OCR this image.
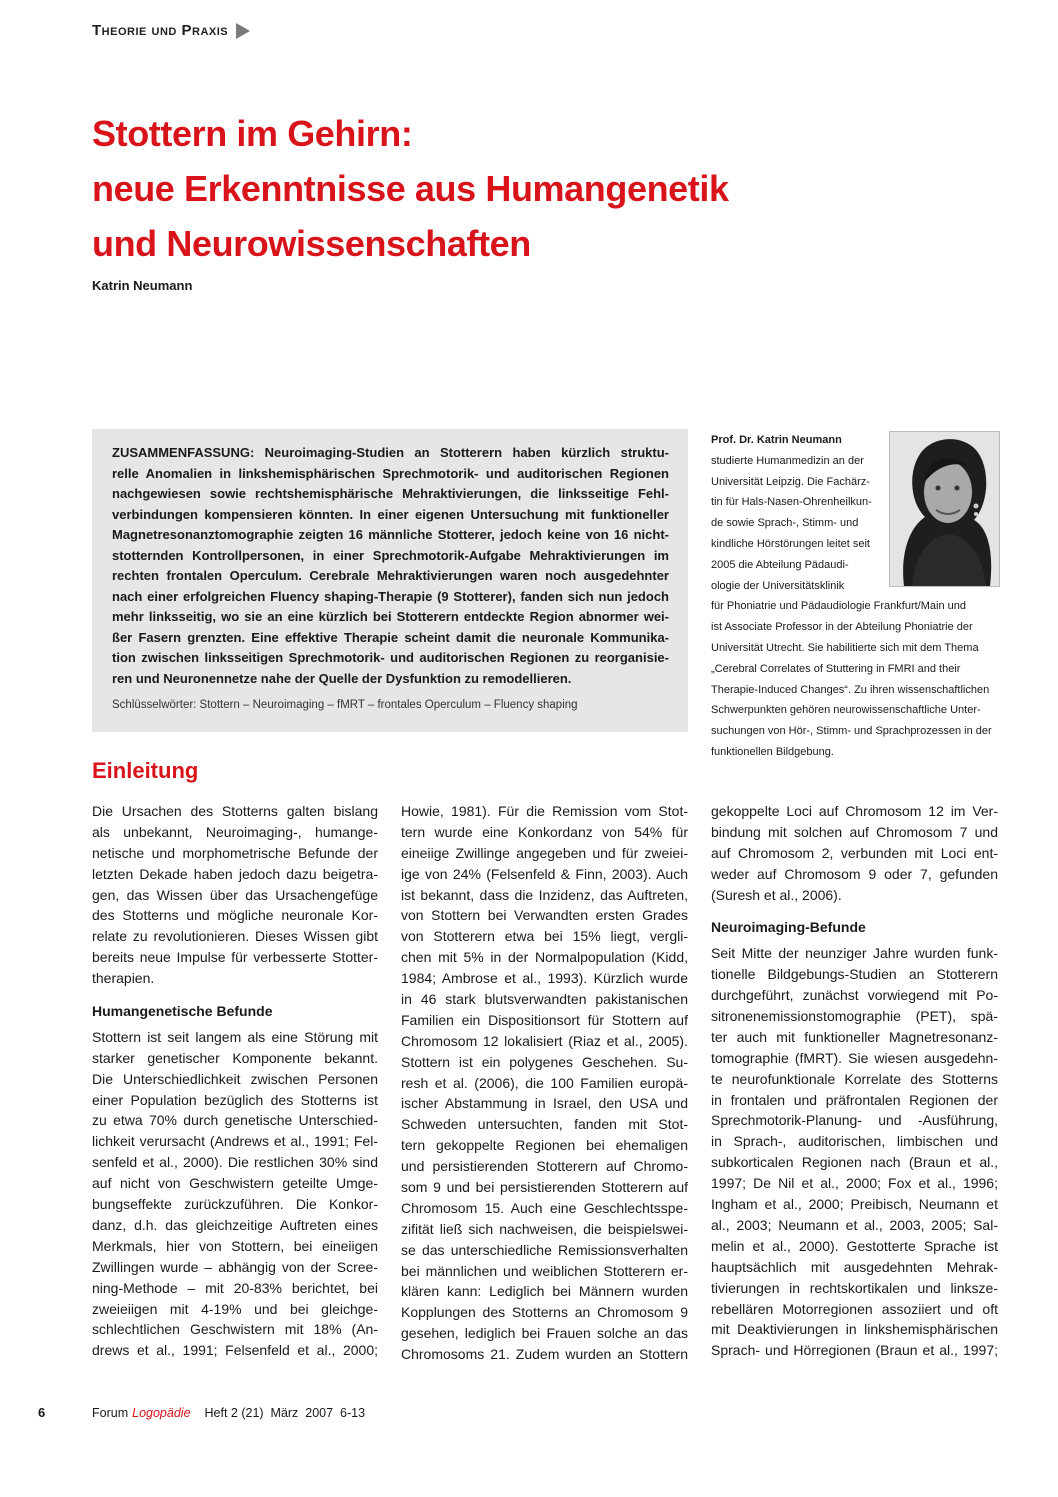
Theorie und Praxis
Stottern im Gehirn:
neue Erkenntnisse aus Humangenetik
und Neurowissenschaften
Katrin Neumann
ZUSAMMENFASSUNG: Neuroimaging-Studien an Stotterern haben kürzlich struktu-
relle Anomalien in linkshemisphärischen Sprechmotorik- und auditorischen Regionen
nachgewiesen sowie rechtshemisphärische Mehraktivierungen, die linksseitige Fehl-
verbindungen kompensieren könnten. In einer eigenen Untersuchung mit funktioneller
Magnetresonanztomographie zeigten 16 männliche Stotterer, jedoch keine von 16 nicht-
stotternden Kontrollpersonen, in einer Sprechmotorik-Aufgabe Mehraktivierungen im
rechten frontalen Operculum. Cerebrale Mehraktivierungen waren noch ausgedehnter
nach einer erfolgreichen Fluency shaping-Therapie (9 Stotterer), fanden sich nun jedoch
mehr linksseitig, wo sie an eine kürzlich bei Stotterern entdeckte Region abnormer wei-
ßer Fasern grenzten. Eine effektive Therapie scheint damit die neuronale Kommunika-
tion zwischen linksseitigen Sprechmotorik- und auditorischen Regionen zu reorganisie-
ren und Neuronennetze nahe der Quelle der Dysfunktion zu remodellieren.
Schlüsselwörter: Stottern – Neuroimaging – fMRT – frontales Operculum – Fluency shaping
Prof. Dr. Katrin Neumann
studierte Humanmedizin an der
Universität Leipzig. Die Fachärz-
tin für Hals-Nasen-Ohrenheilkun-
de sowie Sprach-, Stimm- und
kindliche Hörstörungen leitet seit
2005 die Abteilung Pädaudi-
ologie der Universitätsklinik
für Phoniatrie und Pädaudiologie Frankfurt/Main und
ist Associate Professor in der Abteilung Phoniatrie der
Universität Utrecht. Sie habilitierte sich mit dem Thema
„Cerebral Correlates of Stuttering in FMRI and their
Therapie-Induced Changes“. Zu ihren wissenschaftlichen
Schwerpunkten gehören neurowissenschaftliche Unter-
suchungen von Hör-, Stimm- und Sprachprozessen in der
funktionellen Bildgebung.
Einleitung
Die Ursachen des Stotterns galten bislang
als unbekannt, Neuroimaging-, humange-
netische und morphometrische Befunde der
letzten Dekade haben jedoch dazu beigetra-
gen, das Wissen über das Ursachengefüge
des Stotterns und mögliche neuronale Kor-
relate zu revolutionieren. Dieses Wissen gibt
bereits neue Impulse für verbesserte Stotter-
therapien.
Humangenetische Befunde
Stottern ist seit langem als eine Störung mit
starker genetischer Komponente bekannt.
Die Unterschiedlichkeit zwischen Personen
einer Population bezüglich des Stotterns ist
zu etwa 70% durch genetische Unterschied-
lichkeit verursacht (Andrews et al., 1991; Fel-
senfeld et al., 2000). Die restlichen 30% sind
auf nicht von Geschwistern geteilte Umge-
bungseffekte zurückzuführen. Die Konkor-
danz, d.h. das gleichzeitige Auftreten eines
Merkmals, hier von Stottern, bei eineiigen
Zwillingen wurde – abhängig von der Scree-
ning-Methode – mit 20-83% berichtet, bei
zweieiigen mit 4-19% und bei gleichge-
schlechtlichen Geschwistern mit 18% (An-
drews et al., 1991; Felsenfeld et al., 2000;
Howie, 1981). Für die Remission vom Stot-
tern wurde eine Konkordanz von 54% für
eineiige Zwillinge angegeben und für zweiei-
ige von 24% (Felsenfeld & Finn, 2003). Auch
ist bekannt, dass die Inzidenz, das Auftreten,
von Stottern bei Verwandten ersten Grades
von Stotterern etwa bei 15% liegt, vergli-
chen mit 5% in der Normalpopulation (Kidd,
1984; Ambrose et al., 1993). Kürzlich wurde
in 46 stark blutsverwandten pakistanischen
Familien ein Dispositionsort für Stottern auf
Chromosom 12 lokalisiert (Riaz et al., 2005).
Stottern ist ein polygenes Geschehen. Su-
resh et al. (2006), die 100 Familien europä-
ischer Abstammung in Israel, den USA und
Schweden untersuchten, fanden mit Stot-
tern gekoppelte Regionen bei ehemaligen
und persistierenden Stotterern auf Chromo-
som 9 und bei persistierenden Stotterern auf
Chromosom 15. Auch eine Geschlechtsspe-
zifität ließ sich nachweisen, die beispielswei-
se das unterschiedliche Remissionsverhalten
bei männlichen und weiblichen Stotterern er-
klären kann: Lediglich bei Männern wurden
Kopplungen des Stotterns an Chromosom 9
gesehen, lediglich bei Frauen solche an das
Chromosoms 21. Zudem wurden an Stottern
gekoppelte Loci auf Chromosom 12 im Ver-
bindung mit solchen auf Chromosom 7 und
auf Chromosom 2, verbunden mit Loci ent-
weder auf Chromosom 9 oder 7, gefunden
(Suresh et al., 2006).
Neuroimaging-Befunde
Seit Mitte der neunziger Jahre wurden funk-
tionelle Bildgebungs-Studien an Stotterern
durchgeführt, zunächst vorwiegend mit Po-
sitronenemissionstomographie (PET), spä-
ter auch mit funktioneller Magnetresonanz-
tomographie (fMRT). Sie wiesen ausgedehn-
te neurofunktionale Korrelate des Stotterns
in frontalen und präfrontalen Regionen der
Sprechmotorik-Planung- und -Ausführung,
in Sprach-, auditorischen, limbischen und
subkorticalen Regionen nach (Braun et al.,
1997; De Nil et al., 2000; Fox et al., 1996;
Ingham et al., 2000; Preibisch, Neumann et
al., 2003; Neumann et al., 2003, 2005; Sal-
melin et al., 2000). Gestotterte Sprache ist
hauptsächlich mit ausgedehnten Mehrak-
tivierungen in rechtskortikalen und linksze-
rebellären Motorregionen assoziiert und oft
mit Deaktivierungen in linkshemisphärischen
Sprach- und Hörregionen (Braun et al., 1997;
6	Forum Logopädie Heft 2 (21)  März  2007  6-13
